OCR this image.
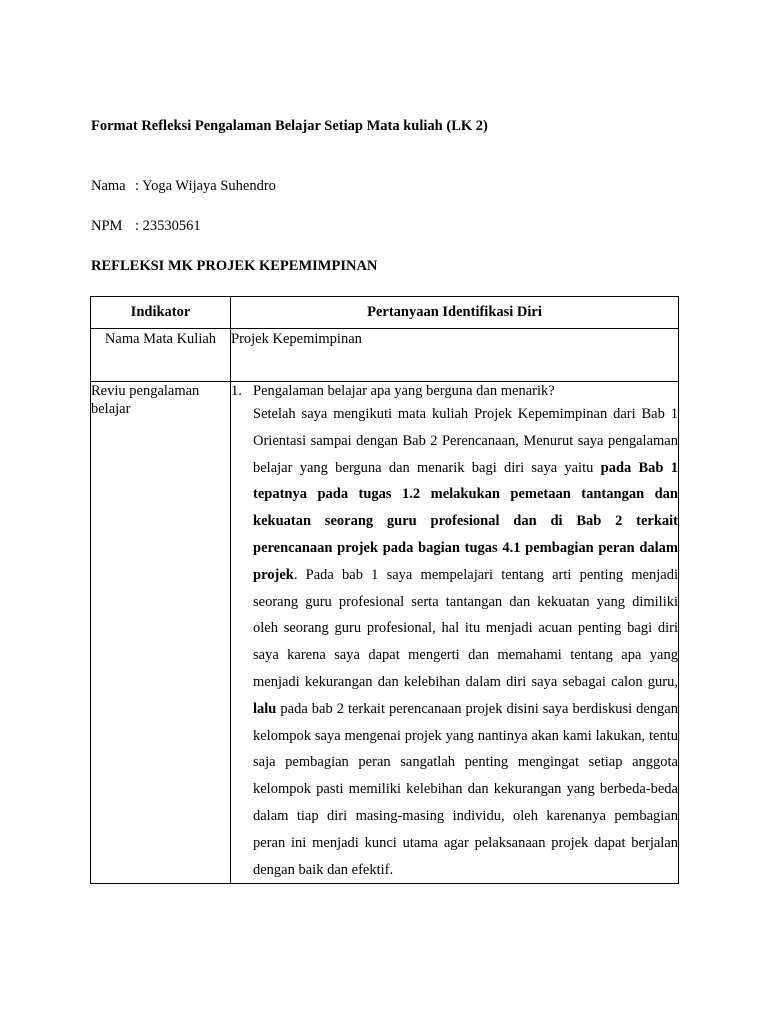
Format Refleksi Pengalaman Belajar Setiap Mata kuliah (LK 2)
Nama : Yoga Wijaya Suhendro
NPM : 23530561
REFLEKSI MK PROJEK KEPEMIMPINAN
Indikator	Pertanyaan Identifikasi Diri
Nama Mata Kuliah	Projek Kepemimpinan
Reviu pengalaman belajar	1. Pengalaman belajar apa yang berguna dan menarik?
Setelah saya mengikuti mata kuliah Projek Kepemimpinan dari Bab 1 Orientasi sampai dengan Bab 2 Perencanaan, Menurut saya pengalaman belajar yang berguna dan menarik bagi diri saya yaitu pada Bab 1 tepatnya pada tugas 1.2 melakukan pemetaan tantangan dan kekuatan seorang guru profesional dan di Bab 2 terkait perencanaan projek pada bagian tugas 4.1 pembagian peran dalam projek. Pada bab 1 saya mempelajari tentang arti penting menjadi seorang guru profesional serta tantangan dan kekuatan yang dimiliki oleh seorang guru profesional, hal itu menjadi acuan penting bagi diri saya karena saya dapat mengerti dan memahami tentang apa yang menjadi kekurangan dan kelebihan dalam diri saya sebagai calon guru, lalu pada bab 2 terkait perencanaan projek disini saya berdiskusi dengan kelompok saya mengenai projek yang nantinya akan kami lakukan, tentu saja pembagian peran sangatlah penting mengingat setiap anggota kelompok pasti memiliki kelebihan dan kekurangan yang berbeda-beda dalam tiap diri masing-masing individu, oleh karenanya pembagian peran ini menjadi kunci utama agar pelaksanaan projek dapat berjalan dengan baik dan efektif.
